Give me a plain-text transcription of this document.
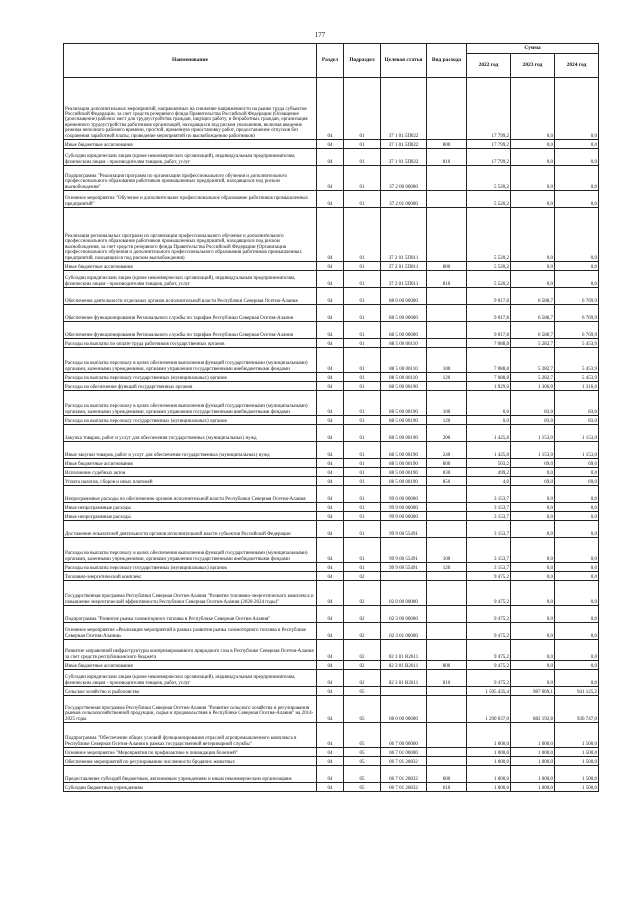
177
Наименование	Раздел	Подраздел	Целевая статья	Вид расхода	Сумма		
					2022 год	2023 год	2024 год
Реализация дополнительных мероприятий, направленных на снижение напряженности на рынке труда субъектов Российской Федерации, за счет средств резервного фонда Правительства Российской Федерации (Оснащение (дооснащение) рабочих мест для трудоустройства граждан, ищущих работу, и безработных граждан, организация временного трудоустройства работников организаций, находящихся под риском увольнения, включая введение режима неполного рабочего времени, простой, временную приостановку работ, предоставление отпусков без сохранения заработной платы, проведение мероприятий по высвобождению работников)	04	01	37 1 01 5П022		17 799,2	0,0	0,0
Иные бюджетные ассигнования	04	01	37 1 01 5П022	800	17 799,2	0,0	0,0
Субсидии юридическим лицам (кроме некоммерческих организаций), индивидуальным предпринимателям, физическим лицам - производителям товаров, работ, услуг	04	01	37 1 01 5П022	810	17 799,2	0,0	0,0
Подпрограмма "Реализация программ по организации профессионального обучения и дополнительного профессионального образования работников промышленных предприятий, находящихся под риском высвобождения"	04	01	37 2 00 00000		5 520,2	0,0	0,0
Основное мероприятие "Обучение и дополнительное профессиональное образование работников промышленных предприятий"	04	01	37 2 01 00000		5 520,2	0,0	0,0
Реализация региональных программ по организации профессионального обучения и дополнительного профессионального образования работников промышленных предприятий, находящихся под риском высвобождения, за счет средств резервного фонда Правительства Российской Федерации (Организация профессионального обучения и дополнительного профессионального образования работников промышленных предприятий, находящихся под риском высвобождения)	04	01	37 2 01 5П011		5 520,2	0,0	0,0
Иные бюджетные ассигнования	04	01	37 2 01 5П011	800	5 520,2	0,0	0,0
Субсидии юридическим лицам (кроме некоммерческих организаций), индивидуальным предпринимателям, физическим лицам - производителям товаров, работ, услуг	04	01	37 2 01 5П011	810	5 520,2	0,0	0,0
Обеспечение деятельности отдельных органов исполнительной власти Республики Северная Осетия-Алания	04	01	88 0 00 00000		9 017,8	6 588,7	6 769,9
Обеспечение функционирования Регионального службы по тарифам Республики Северная Осетия-Алания	04	01	88 5 00 00000		9 017,8	6 588,7	6 769,9
Обеспечение функционирования Регионального службы по тарифам Республики Северная Осетия-Алания	04	01	88 5 00 00000		9 017,8	6 588,7	6 769,9
Расходы на выплаты по оплате труда работников государственных органов	04	01	88 5 00 00110		7 088,8	5 282,7	5 453,9
Расходы на выплаты персоналу в целях обеспечения выполнения функций государственными (муниципальными) органами, казенными учреждениями, органами управления государственными внебюджетными фондами	04	01	88 5 00 00110	100	7 088,8	5 282,7	5 453,9
Расходы на выплаты персоналу государственных (муниципальных) органов	04	01	88 5 00 00110	120	7 088,8	5 282,7	5 453,9
Расходы на обеспечение функций государственных органов	04	01	88 5 00 00190		1 929,0	1 306,0	1 316,0
Расходы на выплаты персоналу в целях обеспечения выполнения функций государственными (муниципальными) органами, казенными учреждениями, органами управления государственными внебюджетными фондами	04	01	88 5 00 00190	100	0,0	83,0	83,0
Расходы на выплаты персоналу государственных (муниципальных) органов	04	01	88 5 00 00190	120	0,0	83,0	83,0
Закупка товаров, работ и услуг для обеспечения государственных (муниципальных) нужд	04	01	88 5 00 00190	200	1 425,8	1 153,0	1 153,0
Иные закупки товаров, работ и услуг для обеспечения государственных (муниципальных) нужд	04	01	88 5 00 00190	240	1 425,8	1 153,0	1 153,0
Иные бюджетные ассигнования	04	01	88 5 00 00190	800	503,2	69,0	69,0
Исполнение судебных актов	04	01	88 5 00 00190	830	499,2	0,0	0,0
Уплата налогов, сборов и иных платежей	04	01	88 5 00 00190	850	4,0	69,0	69,0
Непрограммные расходы по обеспечению органов исполнительной власти Республики Северная Осетия-Алания	04	01	99 0 00 00000		3 153,7	0,0	0,0
Иные непрограммные расходы	04	01	99 9 00 00000		3 153,7	0,0	0,0
Иные непрограммные расходы	04	01	99 9 00 00000		3 153,7	0,0	0,0
Достижение показателей деятельности органов исполнительной власти субъектов Российской Федерации	04	01	99 9 00 55491		3 153,7	0,0	0,0
Расходы на выплаты персоналу в целях обеспечения выполнения функций государственными (муниципальными) органами, казенными учреждениями, органами управления государственными внебюджетными фондами	04	01	99 9 00 55491	100	3 153,7	0,0	0,0
Расходы на выплаты персоналу государственных (муниципальных) органов	04	01	99 9 00 55491	120	3 153,7	0,0	0,0
Топливно-энергетический комплекс	04	02			9 475,2	0,0	0,0
Государственная программа Республики Северная Осетия-Алания "Развитие топливно-энергетического комплекса и повышение энергетической эффективности Республики Северная Осетия-Алания (2020-2024 годы)"	04	02	02 0 00 00000		9 475,2	0,0	0,0
Подпрограмма "Развитие рынка газомоторного топлива в Республике Северная Осетия-Алания"	04	02	02 3 00 00000		9 475,2	0,0	0,0
Основное мероприятие «Реализация мероприятий в рамках развития рынка газомоторного топлива в Республике Северная Осетия-Алания»	04	02	02 3 01 00000		9 475,2	0,0	0,0
Развитие заправочной инфраструктуры компримированного природного газа в Республике Северная Осетия-Алания за счет средств республиканского бюджета	04	02	02 3 01 R2611		9 475,2	0,0	0,0
Иные бюджетные ассигнования	04	02	02 3 01 R2611	800	9 475,2	0,0	0,0
Субсидии юридическим лицам (кроме некоммерческих организаций), индивидуальным предпринимателям, физическим лицам - производителям товаров, работ, услуг	04	02	02 3 01 R2611	810	9 475,2	0,0	0,0
Сельское хозяйство и рыболовство	04	05			1 505 435,4	987 669,1	941 125,2
Государственная программа Республики Северная Осетия-Алания "Развитие сельского хозяйства и регулирования рынков сельскохозяйственной продукции, сырья и продовольствия в Республике Северная Осетия-Алания" на 2014-2025 годы	04	05	06 0 00 00000		1 290 037,0	882 192,8	930 747,0
Подпрограмма "Обеспечение общих условий функционирования отраслей агропромышленного комплекса в Республике Северная Осетия-Алания в рамках государственной ветеринарной службы"	04	05	06 7 00 00000		1 000,0	1 000,0	1 500,0
Основное мероприятие "Мероприятия по профилактике и ликвидации болезней"	04	05	06 7 01 00000		1 000,0	1 000,0	1 500,0
Обеспечение мероприятий по регулированию численности бродячих животных	04	05	06 7 01 20832		1 000,0	1 000,0	1 500,0
Предоставление субсидий бюджетным, автономным учреждениям и иным некоммерческим организациям	04	05	06 7 01 20832	600	1 000,0	1 000,0	1 500,0
Субсидии бюджетным учреждениям	04	05	06 7 01 20832	610	1 000,0	1 000,0	1 500,0
